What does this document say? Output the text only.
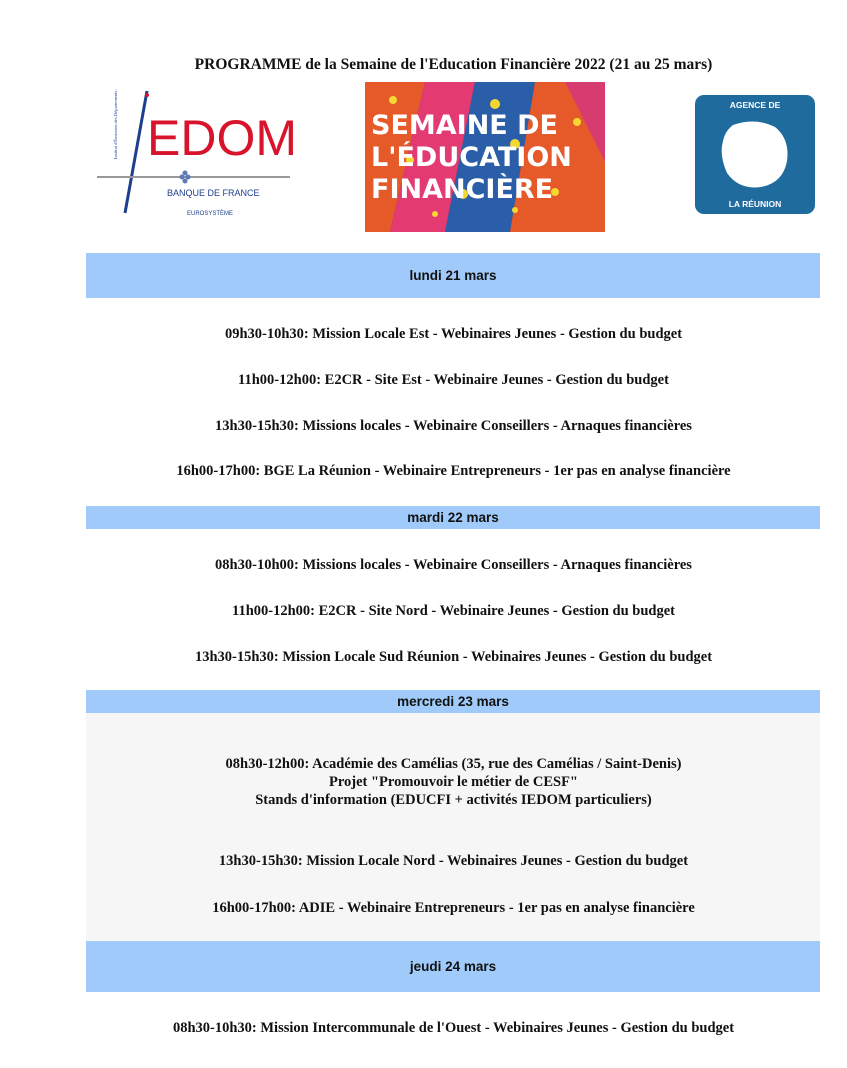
PROGRAMME de la Semaine de l'Education Financière 2022 (21 au 25 mars)
Institut d'Émission des Départements d'Outre-Mer EDOM
BANQUE DE FRANCE
EUROSYSTÈME
SEMAINE DE
L'ÉDUCATION
FINANCIÈRE
AGENCE DE
LA RÉUNION
lundi 21 mars
09h30-10h30: Mission Locale Est - Webinaires Jeunes - Gestion du budget
11h00-12h00: E2CR - Site Est - Webinaire Jeunes - Gestion du budget
13h30-15h30: Missions locales - Webinaire Conseillers - Arnaques financières
16h00-17h00: BGE La Réunion - Webinaire Entrepreneurs - 1er pas en analyse financière
mardi 22 mars
08h30-10h00: Missions locales - Webinaire Conseillers - Arnaques financières
11h00-12h00: E2CR - Site Nord - Webinaire Jeunes - Gestion du budget
13h30-15h30: Mission Locale Sud Réunion - Webinaires Jeunes - Gestion du budget
mercredi 23 mars
08h30-12h00: Académie des Camélias (35, rue des Camélias / Saint-Denis)
Projet "Promouvoir le métier de CESF"
Stands d'information (EDUCFI + activités IEDOM particuliers)
13h30-15h30: Mission Locale Nord - Webinaires Jeunes - Gestion du budget
16h00-17h00: ADIE - Webinaire Entrepreneurs - 1er pas en analyse financière
jeudi 24 mars
08h30-10h30: Mission Intercommunale de l'Ouest - Webinaires Jeunes - Gestion du budget
